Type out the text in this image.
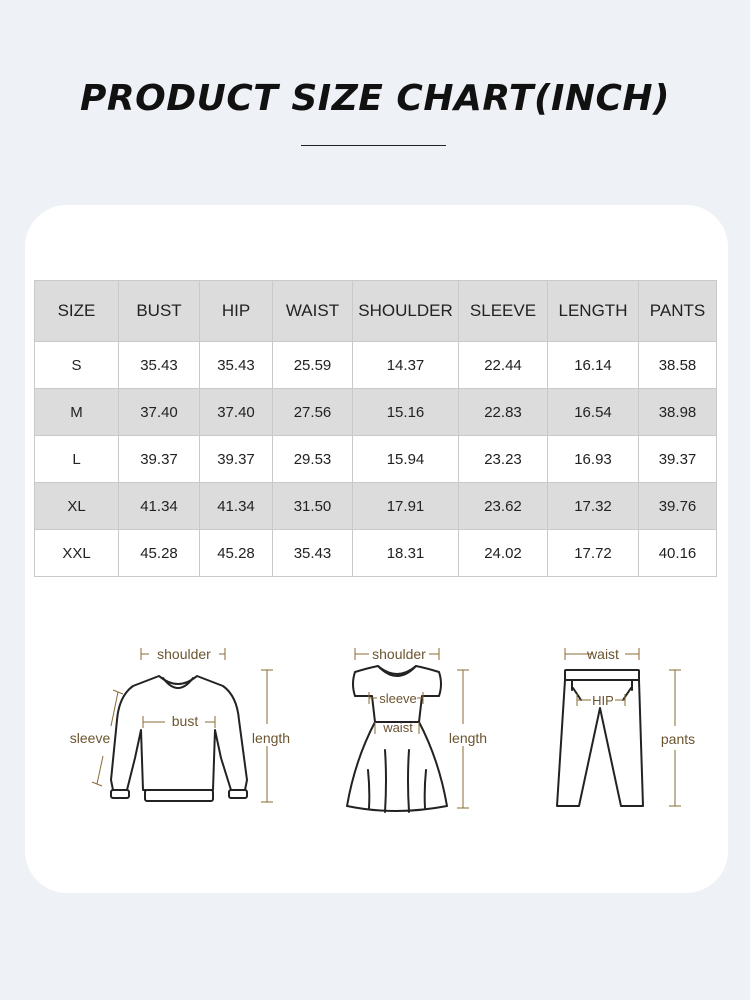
PRODUCT SIZE CHART(INCH)
SIZE	BUST	HIP	WAIST	SHOULDER	SLEEVE	LENGTH	PANTS
S	35.43	35.43	25.59	14.37	22.44	16.14	38.58
M	37.40	37.40	27.56	15.16	22.83	16.54	38.98
L	39.37	39.37	29.53	15.94	23.23	16.93	39.37
XL	41.34	41.34	31.50	17.91	23.62	17.32	39.76
XXL	45.28	45.28	35.43	18.31	24.02	17.72	40.16
shoulder
bust
length
sleeve
shoulder
sleeve
waist
length
waist
HIP
pants
